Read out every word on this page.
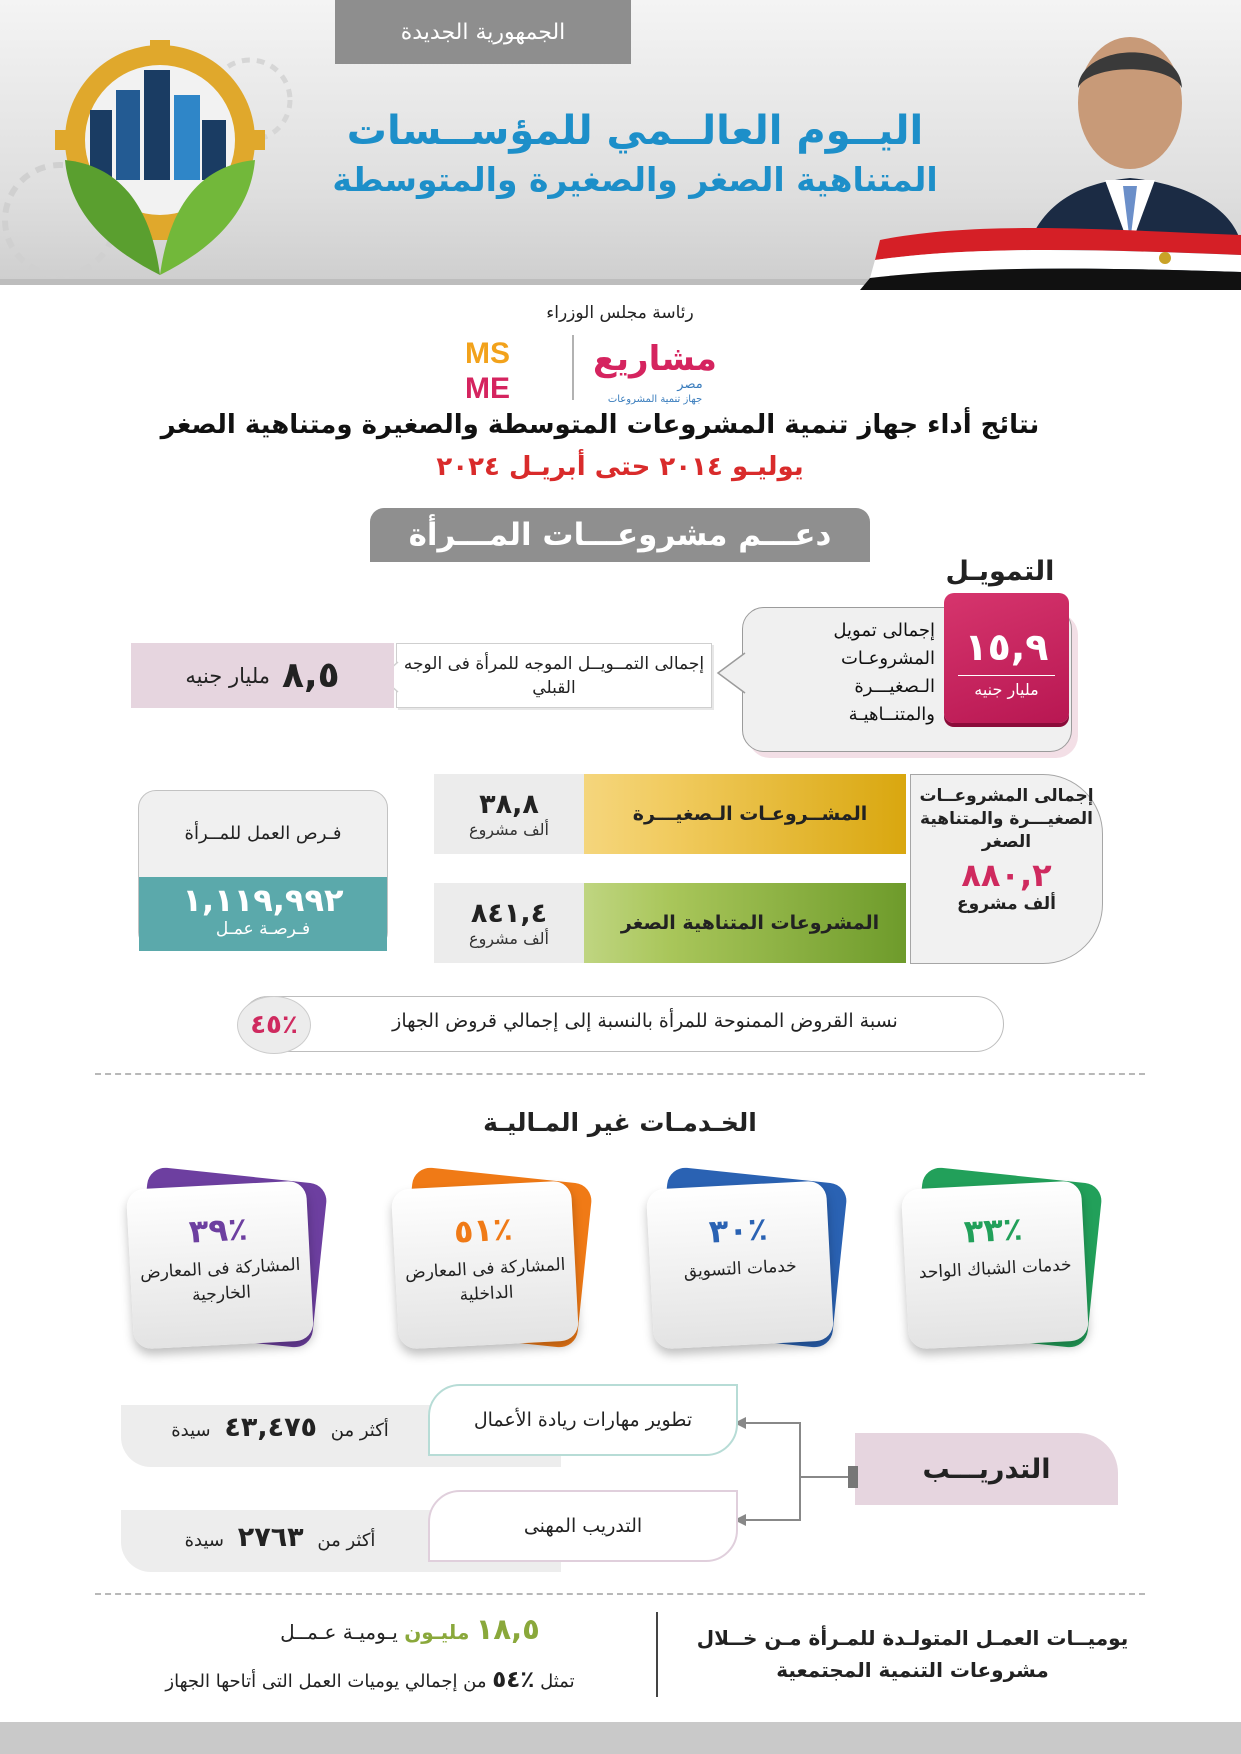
الجمهورية الجديدة
اليــوم العالــمي للمؤســسات
المتناهية الصغر والصغيرة والمتوسطة
رئاسة مجلس الوزراء
MS
ME
مشاريع
مصر
جهاز تنمية المشروعات
نتائج أداء جهاز تنمية المشروعات المتوسطة والصغيرة ومتناهية الصغر
يوليـو ٢٠١٤ حتى أبريـل ٢٠٢٤
دعـــم مشروعـــات المـــرأة
التمويـل
إجمالى تمويل المشروعـات الـصغيـــرة والمتنــاهيـة
١٥,٩
مليار جنيه
إجمالى التمــويــل الموجه للمرأة فى الوجه القبلي
٨,٥
مليار جنيه
المشــروعـات الـصغيـــرة
٣٨,٨
ألف مشروع
المشروعات المتناهية الصغر
٨٤١,٤
ألف مشروع
إجمالى المشروعــات الصغيـــرة والمتناهية الصغر
٨٨٠,٢
ألف مشروع
فـرص العمل للمــرأة
١,١١٩,٩٩٢
فـرصـة عمـل
نسبة القروض الممنوحة للمرأة بالنسبة إلى إجمالي قروض الجهاز
٪٤٥
الخـدمـات غير المـاليـة
٪٣٣
خدمات الشباك الواحد
٪٣٠
خدمات التسويق
٪٥١
المشاركة فى المعارض الداخلية
٪٣٩
المشاركة فى المعارض الخارجية
التدريـــب
تطوير مهارات ريادة الأعمال
أكثر من ٤٣,٤٧٥ سيدة
التدريب المهنى
أكثر من ٢٧٦٣ سيدة
يوميــات العمـل المتولـدة للمـرأة مـن خــلال مشروعات التنمية المجتمعية
١٨,٥ مليـون يـوميـة عـمــل
تمثل ٪٥٤ من إجمالي يوميات العمل التى أتاحها الجهاز
